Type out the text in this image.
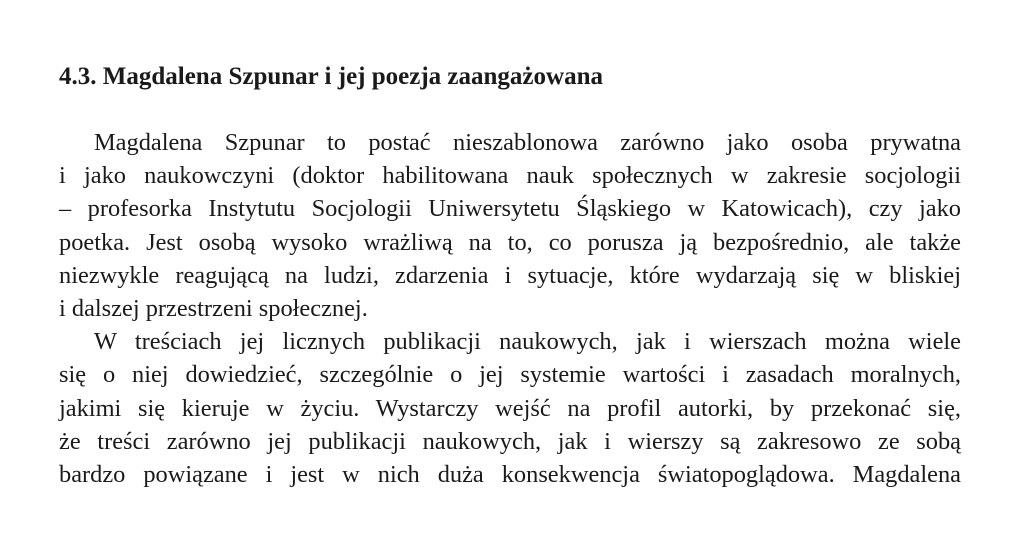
4.3. Magdalena Szpunar i jej poezja zaangażowana
Magdalena Szpunar to postać nieszablonowa zarówno jako osoba prywatna
i jako naukowczyni (doktor habilitowana nauk społecznych w zakresie socjologii
– profesorka Instytutu Socjologii Uniwersytetu Śląskiego w Katowicach), czy jako
poetka. Jest osobą wysoko wrażliwą na to, co porusza ją bezpośrednio, ale także
niezwykle reagującą na ludzi, zdarzenia i sytuacje, które wydarzają się w bliskiej
i dalszej przestrzeni społecznej.
W treściach jej licznych publikacji naukowych, jak i wierszach można wiele
się o niej dowiedzieć, szczególnie o jej systemie wartości i zasadach moralnych,
jakimi się kieruje w życiu. Wystarczy wejść na profil autorki, by przekonać się,
że treści zarówno jej publikacji naukowych, jak i wierszy są zakresowo ze sobą
bardzo powiązane i jest w nich duża konsekwencja światopoglądowa. Magdalena
